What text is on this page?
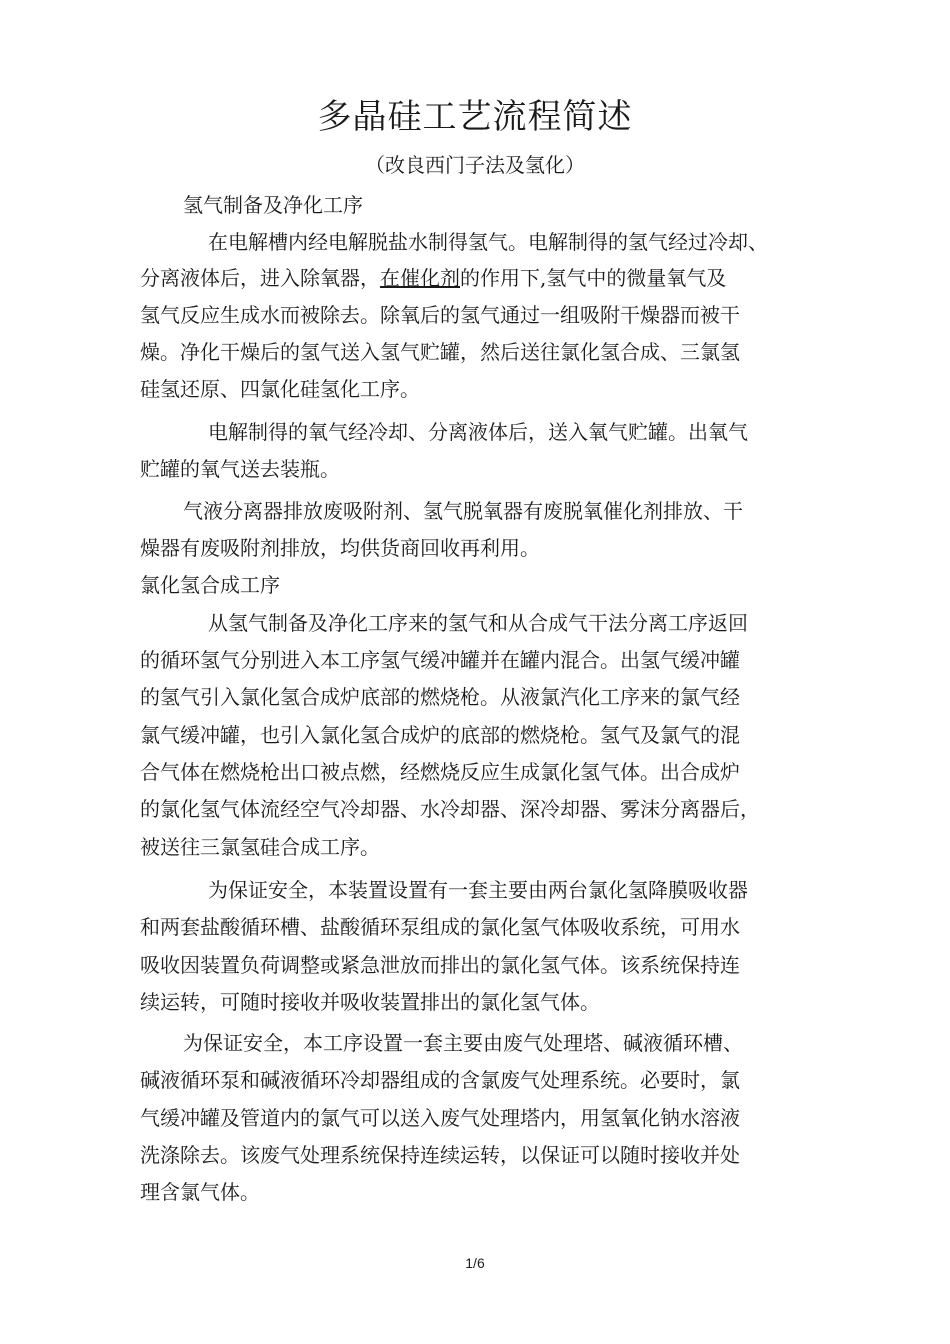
多晶硅工艺流程简述
（改良西门子法及氢化）
氢气制备及净化工序
在电解槽内经电解脱盐水制得氢气。电解制得的氢气经过冷却、
分离液体后，进入除氧器，在催化剂的作用下,氢气中的微量氧气及
氢气反应生成水而被除去。除氧后的氢气通过一组吸附干燥器而被干
燥。净化干燥后的氢气送入氢气贮罐，然后送往氯化氢合成、三氯氢
硅氢还原、四氯化硅氢化工序。
电解制得的氧气经冷却、分离液体后，送入氧气贮罐。出氧气
贮罐的氧气送去装瓶。
气液分离器排放废吸附剂、氢气脱氧器有废脱氧催化剂排放、干
燥器有废吸附剂排放，均供货商回收再利用。
氯化氢合成工序
从氢气制备及净化工序来的氢气和从合成气干法分离工序返回
的循环氢气分别进入本工序氢气缓冲罐并在罐内混合。出氢气缓冲罐
的氢气引入氯化氢合成炉底部的燃烧枪。从液氯汽化工序来的氯气经
氯气缓冲罐，也引入氯化氢合成炉的底部的燃烧枪。氢气及氯气的混
合气体在燃烧枪出口被点燃，经燃烧反应生成氯化氢气体。出合成炉
的氯化氢气体流经空气冷却器、水冷却器、深冷却器、雾沫分离器后，
被送往三氯氢硅合成工序。
为保证安全，本装置设置有一套主要由两台氯化氢降膜吸收器
和两套盐酸循环槽、盐酸循环泵组成的氯化氢气体吸收系统，可用水
吸收因装置负荷调整或紧急泄放而排出的氯化氢气体。该系统保持连
续运转，可随时接收并吸收装置排出的氯化氢气体。
为保证安全，本工序设置一套主要由废气处理塔、碱液循环槽、
碱液循环泵和碱液循环冷却器组成的含氯废气处理系统。必要时，氯
气缓冲罐及管道内的氯气可以送入废气处理塔内，用氢氧化钠水溶液
洗涤除去。该废气处理系统保持连续运转，以保证可以随时接收并处
理含氯气体。
1/6
